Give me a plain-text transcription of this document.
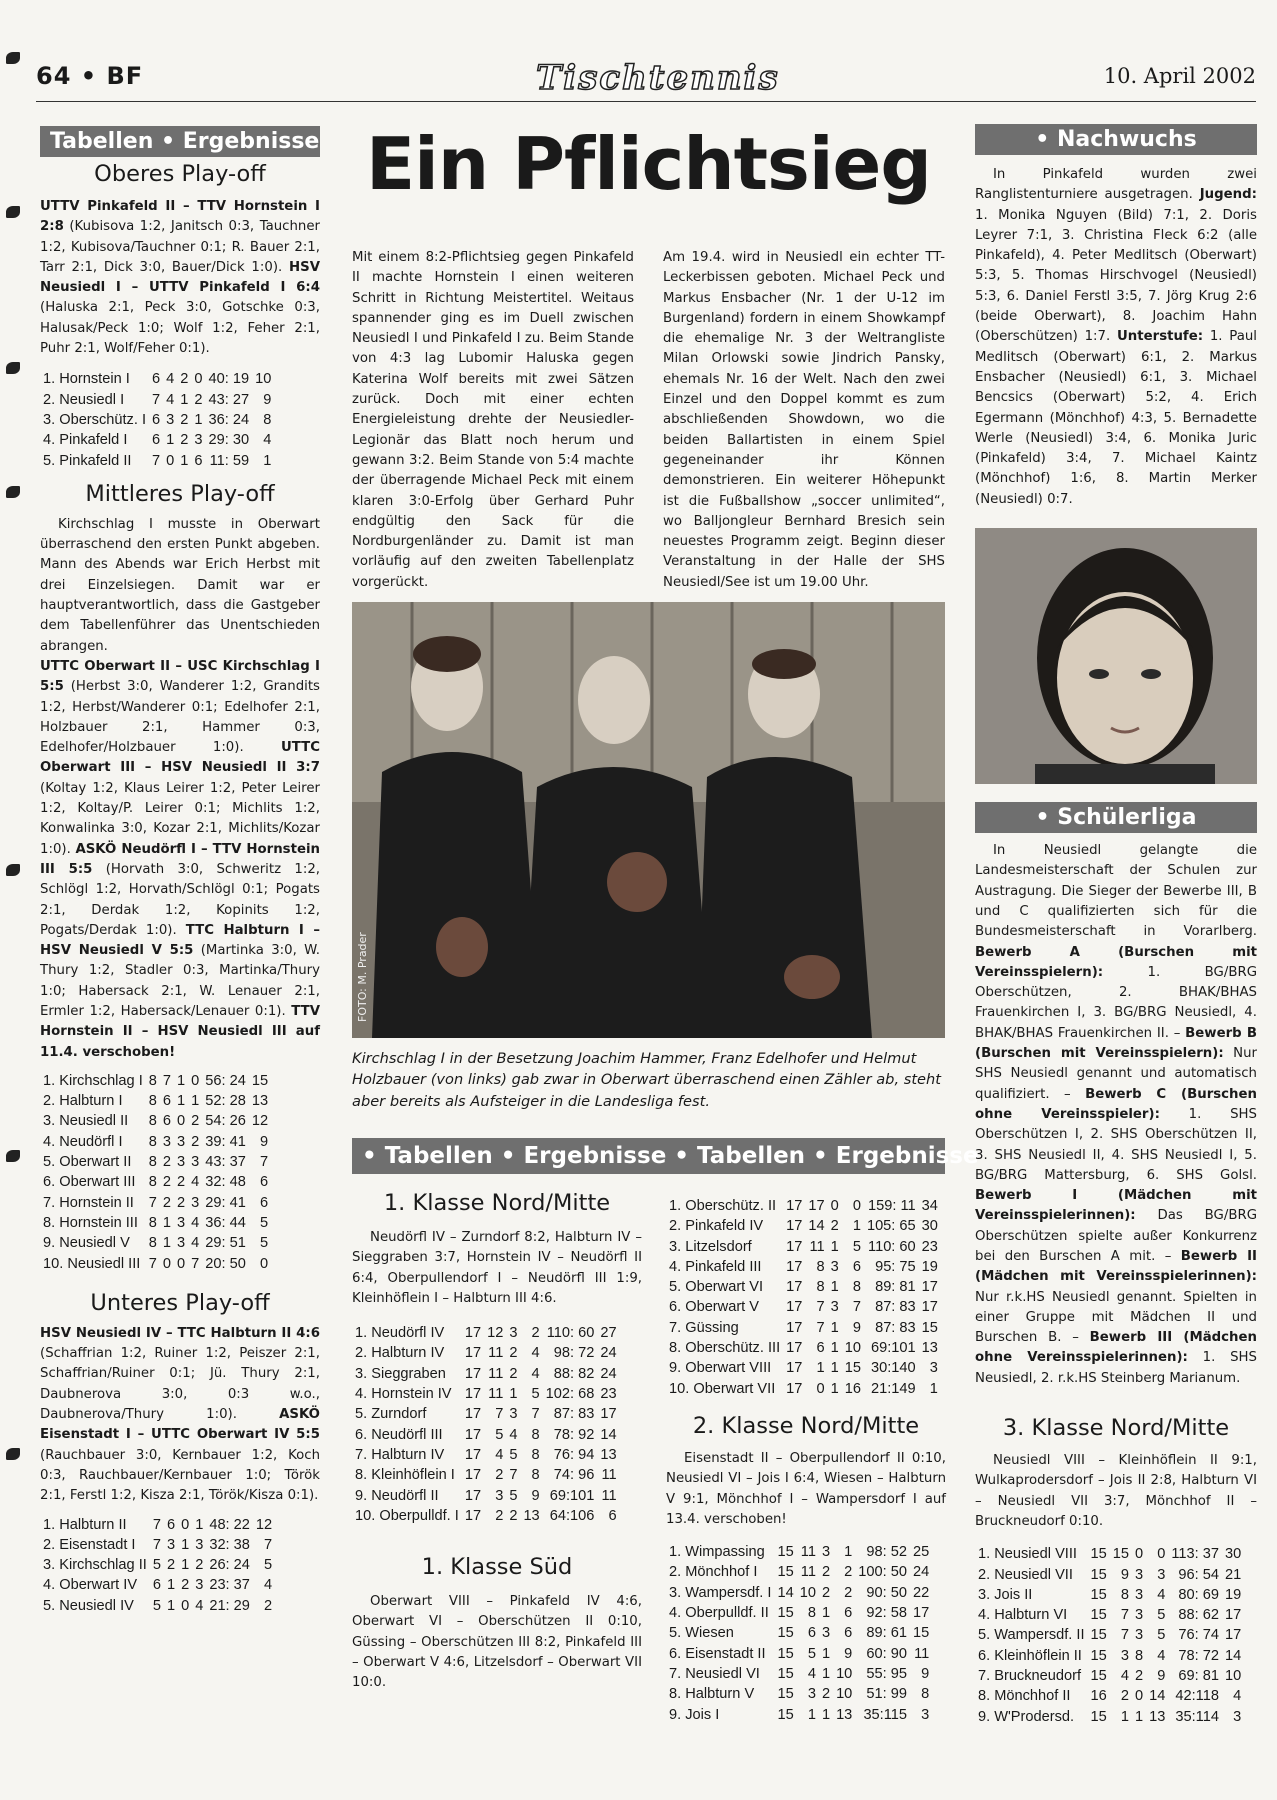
64 • BF	Tischtennis	10. April 2002
Tabellen • Ergebnisse
Oberes Play-off
UTTV Pinkafeld II – TTV Hornstein I 2:8 (Kubisova 1:2, Janitsch 0:3, Tauchner 1:2, Kubisova/Tauchner 0:1; R. Bauer 2:1, Tarr 2:1, Dick 3:0, Bauer/Dick 1:0). HSV Neusiedl I – UTTV Pinkafeld I 6:4 (Haluska 2:1, Peck 3:0, Gotschke 0:3, Halusak/Peck 1:0; Wolf 1:2, Feher 2:1, Puhr 2:1, Wolf/Feher 0:1).
1. Hornstein I	6	4	2	0	40: 19	10
2. Neusiedl I	7	4	1	2	43: 27	9
3. Oberschütz. I	6	3	2	1	36: 24	8
4. Pinkafeld I	6	1	2	3	29: 30	4
5. Pinkafeld II	7	0	1	6	11: 59	1
Mittleres Play-off
Kirchschlag I musste in Oberwart überraschend den ersten Punkt abgeben. Mann des Abends war Erich Herbst mit drei Einzelsiegen. Damit war er hauptverantwortlich, dass die Gastgeber dem Tabellenführer das Unentschieden abrangen.
UTTC Oberwart II – USC Kirchschlag I 5:5 (Herbst 3:0, Wanderer 1:2, Grandits 1:2, Herbst/Wanderer 0:1; Edelhofer 2:1, Holzbauer 2:1, Hammer 0:3, Edelhofer/Holzbauer 1:0). UTTC Oberwart III – HSV Neusiedl II 3:7 (Koltay 1:2, Klaus Leirer 1:2, Peter Leirer 1:2, Koltay/P. Leirer 0:1; Michlits 1:2, Konwalinka 3:0, Kozar 2:1, Michlits/Kozar 1:0). ASKÖ Neudörfl I – TTV Hornstein III 5:5 (Horvath 3:0, Schweritz 1:2, Schlögl 1:2, Horvath/Schlögl 0:1; Pogats 2:1, Derdak 1:2, Kopinits 1:2, Pogats/Derdak 1:0). TTC Halbturn I – HSV Neusiedl V 5:5 (Martinka 3:0, W. Thury 1:2, Stadler 0:3, Martinka/Thury 1:0; Habersack 2:1, W. Lenauer 2:1, Ermler 1:2, Habersack/Lenauer 0:1). TTV Hornstein II – HSV Neusiedl III auf 11.4. verschoben!
1. Kirchschlag I	8	7	1	0	56: 24	15
2. Halbturn I	8	6	1	1	52: 28	13
3. Neusiedl II	8	6	0	2	54: 26	12
4. Neudörfl I	8	3	3	2	39: 41	9
5. Oberwart II	8	2	3	3	43: 37	7
6. Oberwart III	8	2	2	4	32: 48	6
7. Hornstein II	7	2	2	3	29: 41	6
8. Hornstein III	8	1	3	4	36: 44	5
9. Neusiedl V	8	1	3	4	29: 51	5
10. Neusiedl III	7	0	0	7	20: 50	0
Unteres Play-off
HSV Neusiedl IV – TTC Halbturn II 4:6 (Schaffrian 1:2, Ruiner 1:2, Peiszer 2:1, Schaffrian/Ruiner 0:1; Jü. Thury 2:1, Daubnerova 3:0, 0:3 w.o., Daubnerova/Thury 1:0). ASKÖ Eisenstadt I – UTTC Oberwart IV 5:5 (Rauchbauer 3:0, Kernbauer 1:2, Koch 0:3, Rauchbauer/Kernbauer 1:0; Török 2:1, Ferstl 1:2, Kisza 2:1, Török/Kisza 0:1).
1. Halbturn II	7	6	0	1	48: 22	12
2. Eisenstadt I	7	3	1	3	32: 38	7
3. Kirchschlag II	5	2	1	2	26: 24	5
4. Oberwart IV	6	1	2	3	23: 37	4
5. Neusiedl IV	5	1	0	4	21: 29	2
Ein Pflichtsieg
Mit einem 8:2-Pflichtsieg gegen Pinkafeld II machte Hornstein I einen weiteren Schritt in Richtung Meistertitel. Weitaus spannender ging es im Duell zwischen Neusiedl I und Pinkafeld I zu. Beim Stande von 4:3 lag Lubomir Haluska gegen Katerina Wolf bereits mit zwei Sätzen zurück. Doch mit einer echten Energieleistung drehte der Neusiedler-Legionär das Blatt noch herum und gewann 3:2. Beim Stande von 5:4 machte der überragende Michael Peck mit einem klaren 3:0-Erfolg über Gerhard Puhr endgültig den Sack für die Nordburgenländer zu. Damit ist man vorläufig auf den zweiten Tabellenplatz vorgerückt.
Am 19.4. wird in Neusiedl ein echter TT-Leckerbissen geboten. Michael Peck und Markus Ensbacher (Nr. 1 der U-12 im Burgenland) fordern in einem Showkampf die ehemalige Nr. 3 der Weltrangliste Milan Orlowski sowie Jindrich Pansky, ehemals Nr. 16 der Welt. Nach den zwei Einzel und den Doppel kommt es zum abschließenden Showdown, wo die beiden Ballartisten in einem Spiel gegeneinander ihr Können demonstrieren. Ein weiterer Höhepunkt ist die Fußballshow „soccer unlimited“, wo Balljongleur Bernhard Bresich sein neuestes Programm zeigt. Beginn dieser Veranstaltung in der Halle der SHS Neusiedl/See ist um 19.00 Uhr.
FOTO: M. Prader
Kirchschlag I in der Besetzung Joachim Hammer, Franz Edelhofer und Helmut Holzbauer (von links) gab zwar in Oberwart überraschend einen Zähler ab, steht aber bereits als Aufsteiger in die Landesliga fest.
• Tabellen • Ergebnisse • Tabellen • Ergebnisse
1. Klasse Nord/Mitte
Neudörfl IV – Zurndorf 8:2, Halbturn IV – Sieggraben 3:7, Hornstein IV – Neudörfl II 6:4, Oberpullendorf I – Neudörfl III 1:9, Kleinhöflein I – Halbturn III 4:6.
1. Neudörfl IV	17	12	3	2	110: 60	27
2. Halbturn IV	17	11	2	4	98: 72	24
3. Sieggraben	17	11	2	4	88: 82	24
4. Hornstein IV	17	11	1	5	102: 68	23
5. Zurndorf	17	7	3	7	87: 83	17
6. Neudörfl III	17	5	4	8	78: 92	14
7. Halbturn IV	17	4	5	8	76: 94	13
8. Kleinhöflein I	17	2	7	8	74: 96	11
9. Neudörfl II	17	3	5	9	69:101	11
10. Oberpulldf. I	17	2	2	13	64:106	6
1. Klasse Süd
Oberwart VIII – Pinkafeld IV 4:6, Oberwart VI – Oberschützen II 0:10, Güssing – Oberschützen III 8:2, Pinkafeld III – Oberwart V 4:6, Litzelsdorf – Oberwart VII 10:0.
1. Oberschütz. II	17	17	0	0	159: 11	34
2. Pinkafeld IV	17	14	2	1	105: 65	30
3. Litzelsdorf	17	11	1	5	110: 60	23
4. Pinkafeld III	17	8	3	6	95: 75	19
5. Oberwart VI	17	8	1	8	89: 81	17
6. Oberwart V	17	7	3	7	87: 83	17
7. Güssing	17	7	1	9	87: 83	15
8. Oberschütz. III	17	6	1	10	69:101	13
9. Oberwart VIII	17	1	1	15	30:140	3
10. Oberwart VII	17	0	1	16	21:149	1
2. Klasse Nord/Mitte
Eisenstadt II – Oberpullendorf II 0:10, Neusiedl VI – Jois I 6:4, Wiesen – Halbturn V 9:1, Mönchhof I – Wampersdorf I auf 13.4. verschoben!
1. Wimpassing	15	11	3	1	98: 52	25
2. Mönchhof I	15	11	2	2	100: 50	24
3. Wampersdf. I	14	10	2	2	90: 50	22
4. Oberpulldf. II	15	8	1	6	92: 58	17
5. Wiesen	15	6	3	6	89: 61	15
6. Eisenstadt II	15	5	1	9	60: 90	11
7. Neusiedl VI	15	4	1	10	55: 95	9
8. Halbturn V	15	3	2	10	51: 99	8
9. Jois I	15	1	1	13	35:115	3
• Nachwuchs
In Pinkafeld wurden zwei Ranglistenturniere ausgetragen. Jugend: 1. Monika Nguyen (Bild) 7:1, 2. Doris Leyrer 7:1, 3. Christina Fleck 6:2 (alle Pinkafeld), 4. Peter Medlitsch (Oberwart) 5:3, 5. Thomas Hirschvogel (Neusiedl) 5:3, 6. Daniel Ferstl 3:5, 7. Jörg Krug 2:6 (beide Oberwart), 8. Joachim Hahn (Oberschützen) 1:7. Unterstufe: 1. Paul Medlitsch (Oberwart) 6:1, 2. Markus Ensbacher (Neusiedl) 6:1, 3. Michael Bencsics (Oberwart) 5:2, 4. Erich Egermann (Mönchhof) 4:3, 5. Bernadette Werle (Neusiedl) 3:4, 6. Monika Juric (Pinkafeld) 3:4, 7. Michael Kaintz (Mönchhof) 1:6, 8. Martin Merker (Neusiedl) 0:7.
• Schülerliga
In Neusiedl gelangte die Landesmeisterschaft der Schulen zur Austragung. Die Sieger der Bewerbe III, B und C qualifizierten sich für die Bundesmeisterschaft in Vorarlberg. Bewerb A (Burschen mit Vereinsspielern): 1. BG/BRG Oberschützen, 2. BHAK/BHAS Frauenkirchen I, 3. BG/BRG Neusiedl, 4. BHAK/BHAS Frauenkirchen II. – Bewerb B (Burschen mit Vereinsspielern): Nur SHS Neusiedl genannt und automatisch qualifiziert. – Bewerb C (Burschen ohne Vereinsspieler): 1. SHS Oberschützen I, 2. SHS Oberschützen II, 3. SHS Neusiedl II, 4. SHS Neusiedl I, 5. BG/BRG Mattersburg, 6. SHS Golsl. Bewerb I (Mädchen mit Vereinsspielerinnen): Das BG/BRG Oberschützen spielte außer Konkurrenz bei den Burschen A mit. – Bewerb II (Mädchen mit Vereinsspielerinnen): Nur r.k.HS Neusiedl genannt. Spielten in einer Gruppe mit Mädchen II und Burschen B. – Bewerb III (Mädchen ohne Vereinsspielerinnen): 1. SHS Neusiedl, 2. r.k.HS Steinberg Marianum.
3. Klasse Nord/Mitte
Neusiedl VIII – Kleinhöflein II 9:1, Wulkaprodersdorf – Jois II 2:8, Halbturn VI – Neusiedl VII 3:7, Mönchhof II – Bruckneudorf 0:10.
1. Neusiedl VIII	15	15	0	0	113: 37	30
2. Neusiedl VII	15	9	3	3	96: 54	21
3. Jois II	15	8	3	4	80: 69	19
4. Halbturn VI	15	7	3	5	88: 62	17
5. Wampersdf. II	15	7	3	5	76: 74	17
6. Kleinhöflein II	15	3	8	4	78: 72	14
7. Bruckneudorf	15	4	2	9	69: 81	10
8. Mönchhof II	16	2	0	14	42:118	4
9. W'Prodersd.	15	1	1	13	35:114	3
